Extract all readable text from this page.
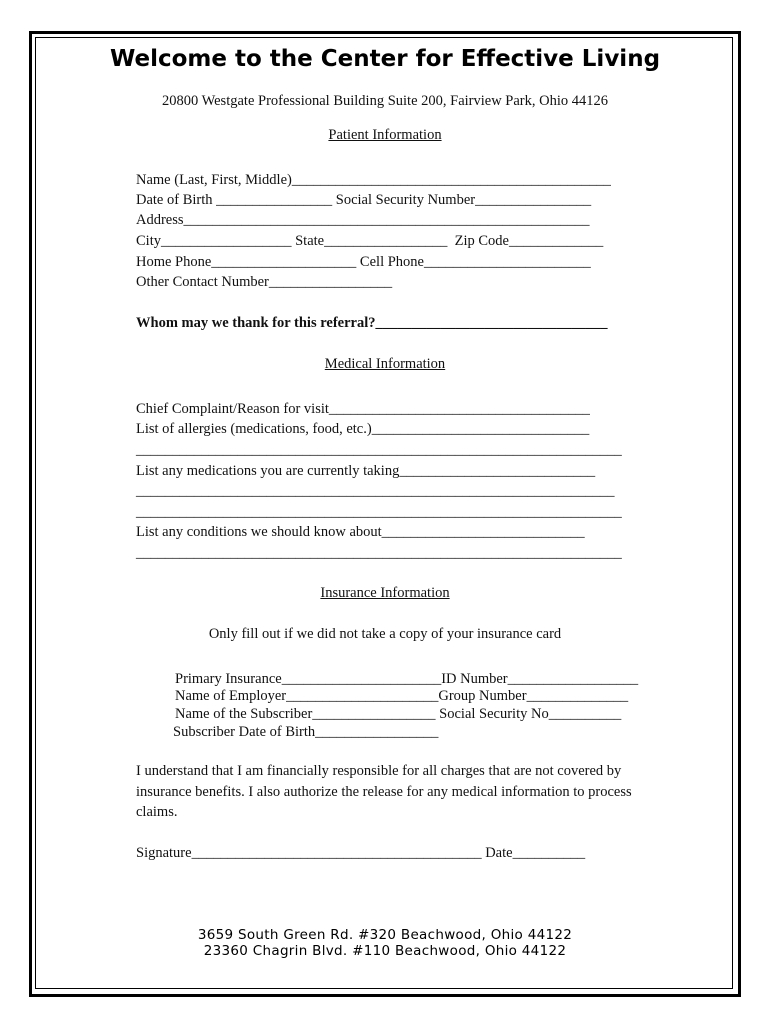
Welcome to the Center for Effective Living
20800 Westgate Professional Building Suite 200, Fairview Park, Ohio 44126
Patient Information
Name (Last, First, Middle)____________________________________________
Date of Birth ________________ Social Security Number________________
Address________________________________________________________
City__________________ State_________________  Zip Code_____________
Home Phone____________________ Cell Phone_______________________
Other Contact Number_________________
Whom may we thank for this referral?________________________________
Medical Information
Chief Complaint/Reason for visit____________________________________
List of allergies (medications, food, etc.)______________________________
___________________________________________________________________
List any medications you are currently taking___________________________
__________________________________________________________________
___________________________________________________________________
List any conditions we should know about____________________________
___________________________________________________________________
Insurance Information
Only fill out if we did not take a copy of your insurance card
Primary Insurance______________________ID Number__________________
Name of Employer_____________________Group Number______________
Name of the Subscriber_________________ Social Security No__________
Subscriber Date of Birth_________________
I understand that I am financially responsible for all charges that are not covered by
insurance benefits. I also authorize the release for any medical information to process
claims.
Signature________________________________________ Date__________
3659 South Green Rd. #320 Beachwood, Ohio 44122
23360 Chagrin Blvd. #110 Beachwood, Ohio 44122
